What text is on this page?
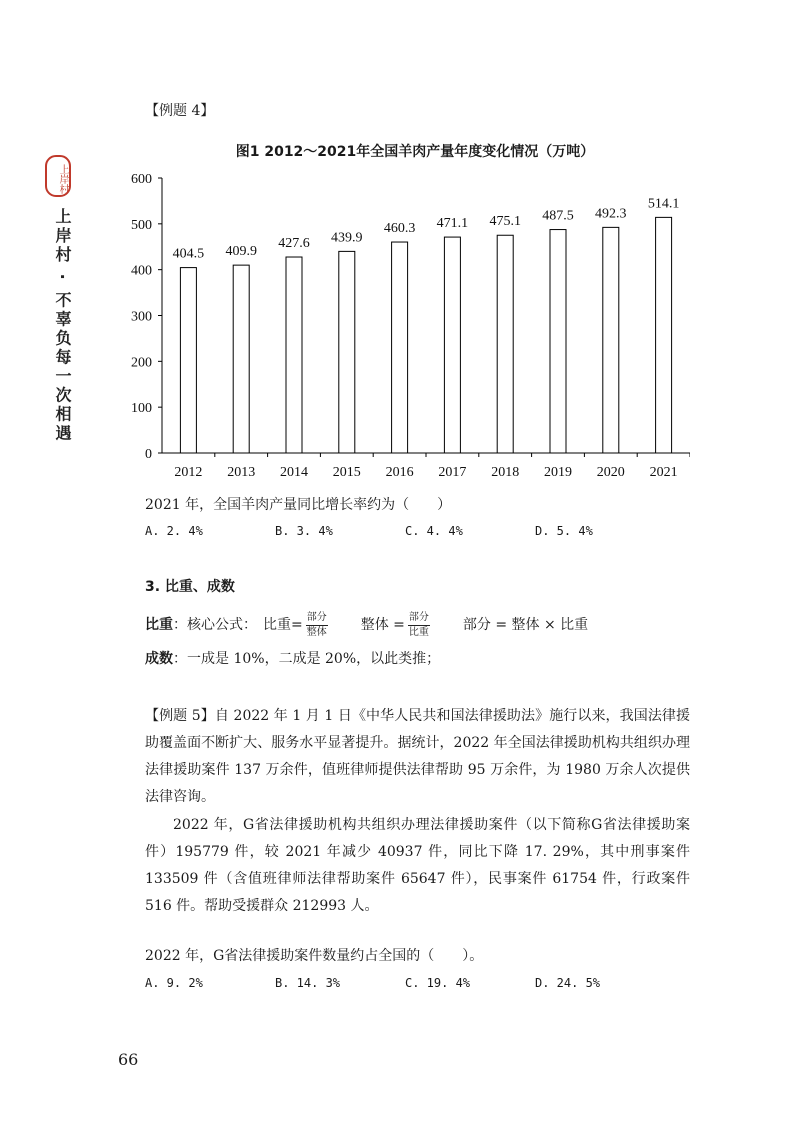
上岸村
上岸村 · 不辜负每一次相遇
【例题 4】
图1 2012～2021年全国羊肉产量年度变化情况（万吨）
0
100
200
300
400
500
600
404.5
2012
409.9
2013
427.6
2014
439.9
2015
460.3
2016
471.1
2017
475.1
2018
487.5
2019
492.3
2020
514.1
2021
2021 年，全国羊肉产量同比增长率约为（　　）
A. 2. 4%	B. 3. 4%	C. 4. 4%	D. 5. 4%
3. 比重、成数
比重 ：核心公式： 比重= $\frac{\text{部分}}{\text{整体}}$ 整体 = $\frac{\text{部分}}{\text{比重}}$ 部分 = 整体 × 比重
成数：一成是 10%，二成是 20%，以此类推；
【例题 5】自 2022 年 1 月 1 日《中华人民共和国法律援助法》施行以来，我国法律援助覆盖面不断扩大、服务水平显著提升。据统计，2022 年全国法律援助机构共组织办理法律援助案件 137 万余件，值班律师提供法律帮助 95 万余件，为 1980 万余人次提供法律咨询。
2022 年，G省法律援助机构共组织办理法律援助案件（以下简称G省法律援助案件）195779 件，较 2021 年减少 40937 件，同比下降 17. 29%，其中刑事案件 133509 件（含值班律师法律帮助案件 65647 件），民事案件 61754 件，行政案件 516 件。帮助受援群众 212993 人。
2022 年，G省法律援助案件数量约占全国的（　　）。
A. 9. 2%	B. 14. 3%	C. 19. 4%	D. 24. 5%
66
